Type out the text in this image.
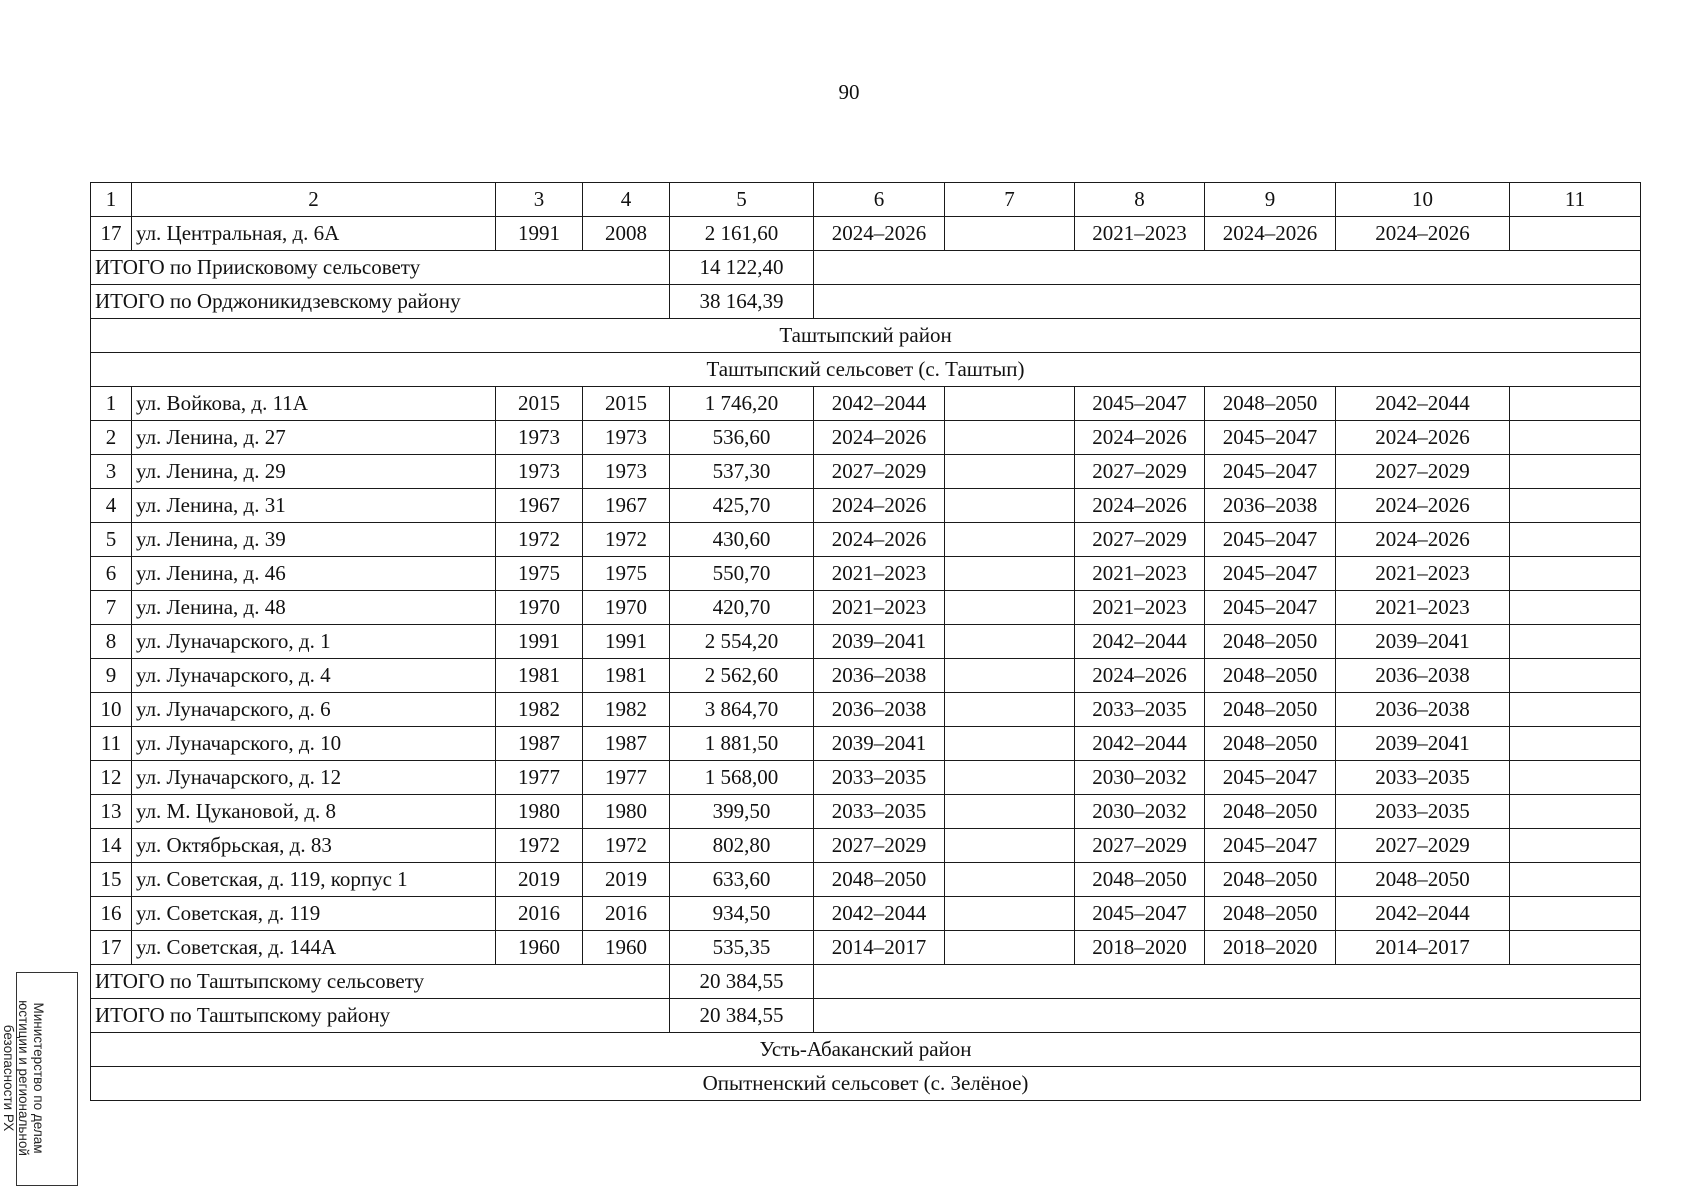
90
1	2	3	4	5	6	7	8	9	10	11
17	ул. Центральная, д. 6А	1991	2008	2 161,60	2024–2026		2021–2023	2024–2026	2024–2026	
ИТОГО по Приисковому сельсовету				14 122,40						
ИТОГО по Орджоникидзевскому району				38 164,39						
Таштыпский район										
Таштыпский сельсовет (с. Таштып)										
1	ул. Войкова, д. 11А	2015	2015	1 746,20	2042–2044		2045–2047	2048–2050	2042–2044	
2	ул. Ленина, д. 27	1973	1973	536,60	2024–2026		2024–2026	2045–2047	2024–2026	
3	ул. Ленина, д. 29	1973	1973	537,30	2027–2029		2027–2029	2045–2047	2027–2029	
4	ул. Ленина, д. 31	1967	1967	425,70	2024–2026		2024–2026	2036–2038	2024–2026	
5	ул. Ленина, д. 39	1972	1972	430,60	2024–2026		2027–2029	2045–2047	2024–2026	
6	ул. Ленина, д. 46	1975	1975	550,70	2021–2023		2021–2023	2045–2047	2021–2023	
7	ул. Ленина, д. 48	1970	1970	420,70	2021–2023		2021–2023	2045–2047	2021–2023	
8	ул. Луначарского, д. 1	1991	1991	2 554,20	2039–2041		2042–2044	2048–2050	2039–2041	
9	ул. Луначарского, д. 4	1981	1981	2 562,60	2036–2038		2024–2026	2048–2050	2036–2038	
10	ул. Луначарского, д. 6	1982	1982	3 864,70	2036–2038		2033–2035	2048–2050	2036–2038	
11	ул. Луначарского, д. 10	1987	1987	1 881,50	2039–2041		2042–2044	2048–2050	2039–2041	
12	ул. Луначарского, д. 12	1977	1977	1 568,00	2033–2035		2030–2032	2045–2047	2033–2035	
13	ул. М. Цукановой, д. 8	1980	1980	399,50	2033–2035		2030–2032	2048–2050	2033–2035	
14	ул. Октябрьская, д. 83	1972	1972	802,80	2027–2029		2027–2029	2045–2047	2027–2029	
15	ул. Советская, д. 119, корпус 1	2019	2019	633,60	2048–2050		2048–2050	2048–2050	2048–2050	
16	ул. Советская, д. 119	2016	2016	934,50	2042–2044		2045–2047	2048–2050	2042–2044	
17	ул. Советская, д. 144А	1960	1960	535,35	2014–2017		2018–2020	2018–2020	2014–2017	
ИТОГО по Таштыпскому сельсовету				20 384,55						
ИТОГО по Таштыпскому району				20 384,55						
Усть-Абаканский район										
Опытненский сельсовет (с. Зелёное)										
Министерство по делам
юстиции и региональной
безопасности РХ
